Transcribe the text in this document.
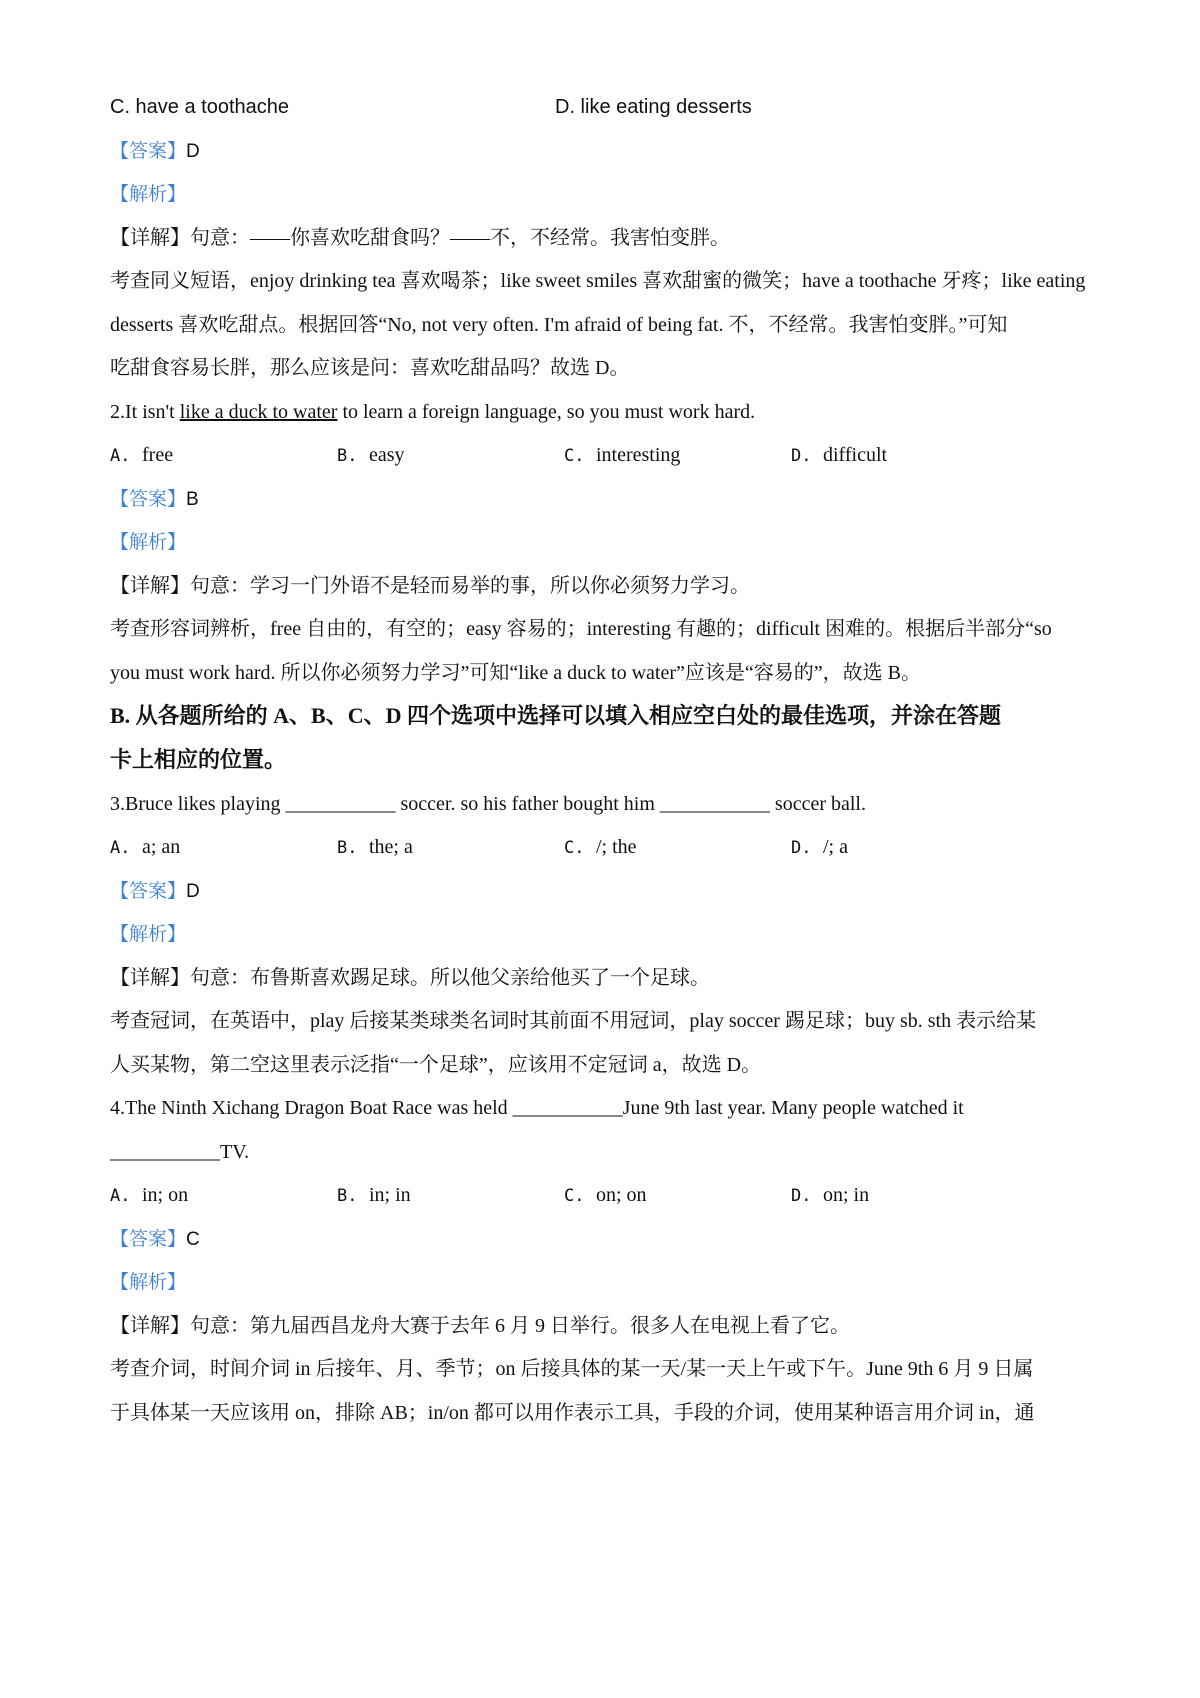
C. have a toothache	D. like eating desserts
【答案】D
【解析】
【详解】句意：——你喜欢吃甜食吗？——不，不经常。我害怕变胖。
考查同义短语，enjoy drinking tea 喜欢喝茶；like sweet smiles 喜欢甜蜜的微笑；have a toothache 牙疼；like eating
desserts 喜欢吃甜点。根据回答“No, not very often. I'm afraid of being fat. 不，不经常。我害怕变胖。”可知
吃甜食容易长胖，那么应该是问：喜欢吃甜品吗？故选 D。
2.It isn't like a duck to water to learn a foreign language, so you must work hard.
A. free	B. easy	C. interesting	D. difficult
【答案】B
【解析】
【详解】句意：学习一门外语不是轻而易举的事，所以你必须努力学习。
考查形容词辨析，free 自由的，有空的；easy 容易的；interesting 有趣的；difficult 困难的。根据后半部分“so
you must work hard. 所以你必须努力学习”可知“like a duck to water”应该是“容易的”，故选 B。
B. 从各题所给的 A、B、C、D 四个选项中选择可以填入相应空白处的最佳选项，并涂在答题
卡上相应的位置。
3.Bruce likes playing ___________ soccer. so his father bought him ___________ soccer ball.
A. a; an	B. the; a	C. /; the	D. /; a
【答案】D
【解析】
【详解】句意：布鲁斯喜欢踢足球。所以他父亲给他买了一个足球。
考查冠词，在英语中，play 后接某类球类名词时其前面不用冠词，play soccer 踢足球；buy sb. sth 表示给某
人买某物，第二空这里表示泛指“一个足球”，应该用不定冠词 a，故选 D。
4.The Ninth Xichang Dragon Boat Race was held ___________June 9th last year. Many people watched it
___________TV.
A. in; on	B. in; in	C. on; on	D. on; in
【答案】C
【解析】
【详解】句意：第九届西昌龙舟大赛于去年 6 月 9 日举行。很多人在电视上看了它。
考查介词，时间介词 in 后接年、月、季节；on 后接具体的某一天/某一天上午或下午。June 9th 6 月 9 日属
于具体某一天应该用 on，排除 AB；in/on 都可以用作表示工具，手段的介词，使用某种语言用介词 in，通
